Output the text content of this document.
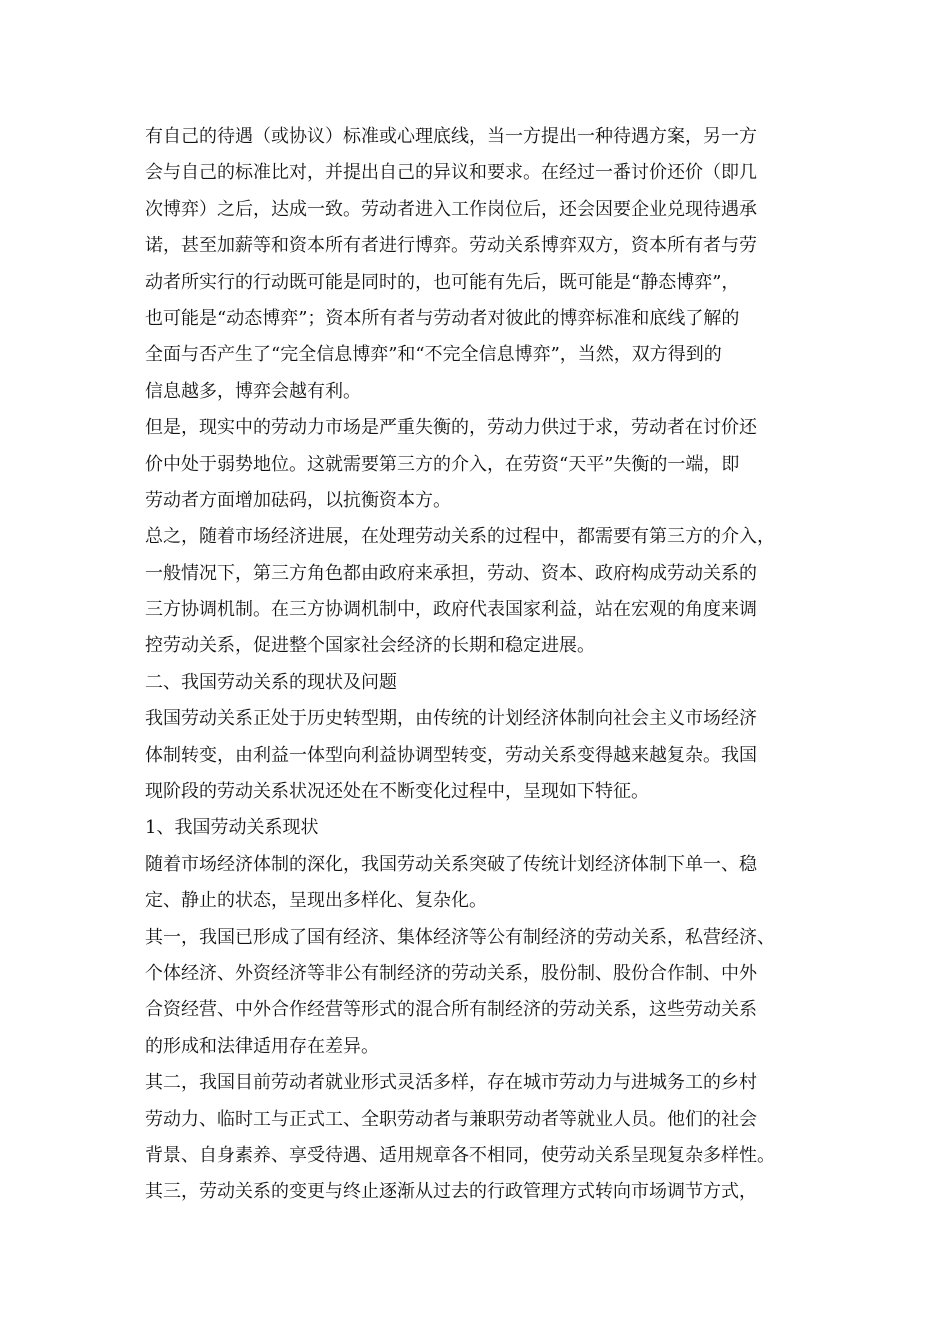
有自己的待遇（或协议）标准或心理底线，当一方提出一种待遇方案，另一方
会与自己的标准比对，并提出自己的异议和要求。在经过一番讨价还价（即几
次博弈）之后，达成一致。劳动者进入工作岗位后，还会因要企业兑现待遇承
诺，甚至加薪等和资本所有者进行博弈。劳动关系博弈双方，资本所有者与劳
动者所实行的行动既可能是同时的，也可能有先后，既可能是“静态博弈”，
也可能是“动态博弈”；资本所有者与劳动者对彼此的博弈标准和底线了解的
全面与否产生了“完全信息博弈”和“不完全信息博弈”，当然，双方得到的
信息越多，博弈会越有利。
但是，现实中的劳动力市场是严重失衡的，劳动力供过于求，劳动者在讨价还
价中处于弱势地位。这就需要第三方的介入，在劳资“天平”失衡的一端，即
劳动者方面增加砝码，以抗衡资本方。
总之，随着市场经济进展，在处理劳动关系的过程中，都需要有第三方的介入，
一般情况下，第三方角色都由政府来承担，劳动、资本、政府构成劳动关系的
三方协调机制。在三方协调机制中，政府代表国家利益，站在宏观的角度来调
控劳动关系，促进整个国家社会经济的长期和稳定进展。
二、我国劳动关系的现状及问题
我国劳动关系正处于历史转型期，由传统的计划经济体制向社会主义市场经济
体制转变，由利益一体型向利益协调型转变，劳动关系变得越来越复杂。我国
现阶段的劳动关系状况还处在不断变化过程中，呈现如下特征。
1、我国劳动关系现状
随着市场经济体制的深化，我国劳动关系突破了传统计划经济体制下单一、稳
定、静止的状态，呈现出多样化、复杂化。
其一，我国已形成了国有经济、集体经济等公有制经济的劳动关系，私营经济、
个体经济、外资经济等非公有制经济的劳动关系，股份制、股份合作制、中外
合资经营、中外合作经营等形式的混合所有制经济的劳动关系，这些劳动关系
的形成和法律适用存在差异。
其二，我国目前劳动者就业形式灵活多样，存在城市劳动力与进城务工的乡村
劳动力、临时工与正式工、全职劳动者与兼职劳动者等就业人员。他们的社会
背景、自身素养、享受待遇、适用规章各不相同，使劳动关系呈现复杂多样性。
其三，劳动关系的变更与终止逐渐从过去的行政管理方式转向市场调节方式，
